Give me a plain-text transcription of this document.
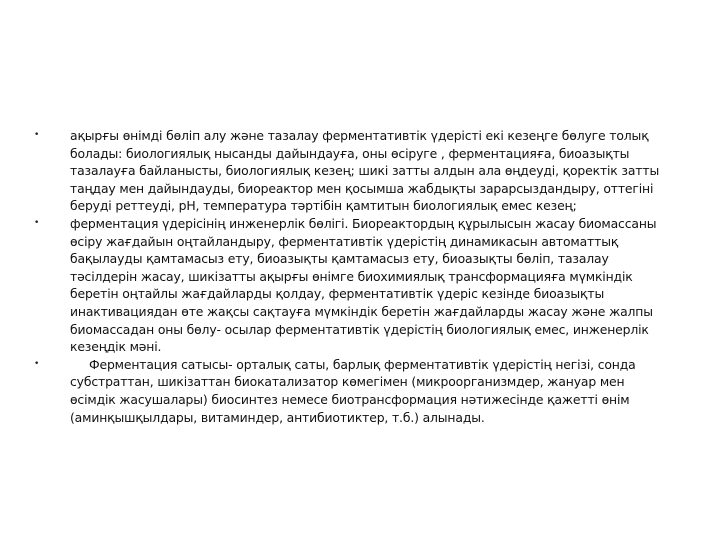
•	ақырғы өнімді бөліп алу және тазалау ферментативтік үдерісті екі кезеңге бөлуге толық болады: биологиялық нысанды дайындауға, оны өсіруге , ферментацияға, биоазықты тазалауға байланысты, биологиялық кезең; шикі затты алдын ала өңдеуді, қоректік затты таңдау мен дайындауды, биореактор мен қосымша жабдықты зарарсыздандыру, оттегіні беруді реттеуді, рН, температура тәртібін қамтитын биологиялық емес кезең;
•	ферментация үдерісінің инженерлік бөлігі. Биореактордың құрылысын жасау биомассаны өсіру жағдайын оңтайландыру, ферментативтік үдерістің динамикасын автоматтық бақылауды қамтамасыз ету, биоазықты қамтамасыз ету, биоазықты бөліп, тазалау тәсілдерін жасау, шикізатты ақырғы өнімге биохимиялық трансформацияға мүмкіндік беретін оңтайлы жағдайларды қолдау, ферментативтік үдеріс кезінде биоазықты инактивациядан өте жақсы сақтауға мүмкіндік беретін жағдайларды жасау және жалпы биомассадан оны бөлу- осылар ферментативтік үдерістің биологиялық емес, инженерлік кезеңдік мәні.
•	Ферментация сатысы- орталық саты, барлық ферментативтік үдерістің негізі, сонда субстраттан, шикізаттан биокатализатор көмегімен (микроорганизмдер, жануар мен өсімдік жасушалары) биосинтез немесе биотрансформация нәтижесінде қажетті өнім (аминқышқылдары, витаминдер, антибиотиктер, т.б.) алынады.
